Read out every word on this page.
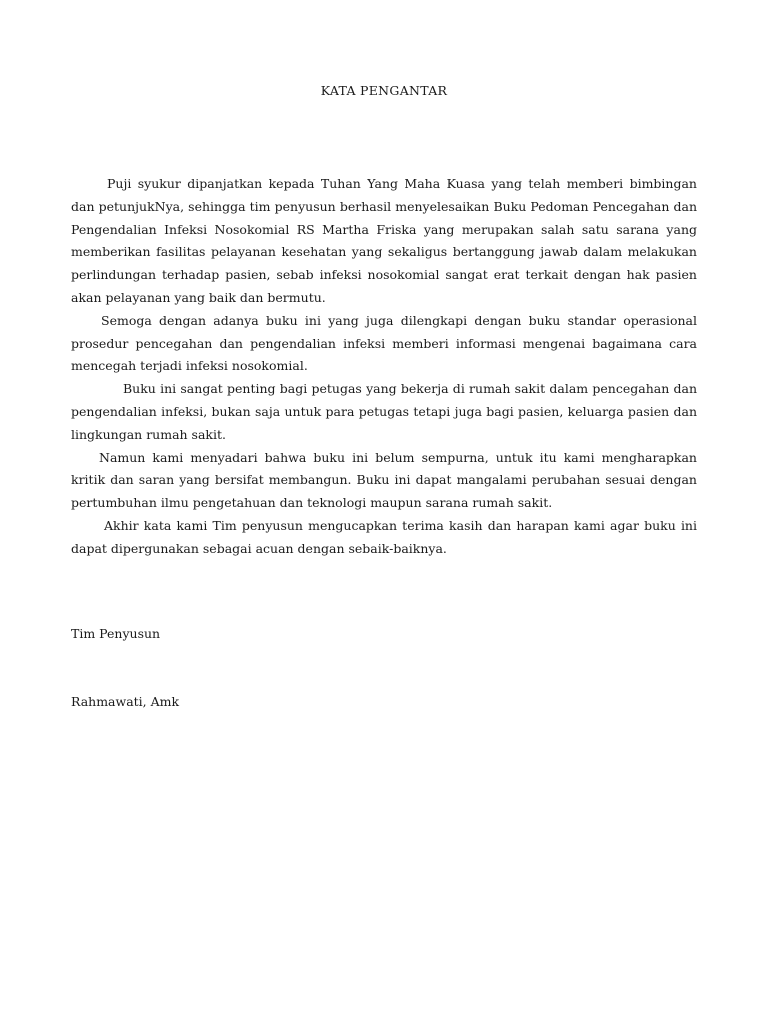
KATA PENGANTAR

Puji syukur dipanjatkan kepada Tuhan Yang Maha Kuasa yang telah memberi bimbingan dan petunjukNya, sehingga tim penyusun berhasil menyelesaikan Buku Pedoman Pencegahan dan Pengendalian Infeksi Nosokomial RS Martha Friska yang merupakan salah satu sarana yang memberikan fasilitas pelayanan kesehatan yang sekaligus bertanggung jawab dalam melakukan perlindungan terhadap pasien, sebab infeksi nosokomial sangat erat terkait dengan hak pasien akan pelayanan yang baik dan bermutu.

Semoga dengan adanya buku ini yang juga dilengkapi dengan buku standar operasional prosedur pencegahan dan pengendalian infeksi memberi informasi mengenai bagaimana cara mencegah terjadi infeksi nosokomial.

Buku ini sangat penting bagi petugas yang bekerja di rumah sakit dalam pencegahan dan pengendalian infeksi, bukan saja untuk para petugas tetapi juga bagi pasien, keluarga pasien dan lingkungan rumah sakit.

Namun kami menyadari bahwa buku ini belum sempurna, untuk itu kami mengharapkan kritik dan saran yang bersifat membangun. Buku ini dapat mangalami perubahan sesuai dengan pertumbuhan ilmu pengetahuan dan teknologi maupun sarana rumah sakit.

Akhir kata kami Tim penyusun mengucapkan terima kasih dan harapan kami agar buku ini dapat dipergunakan sebagai acuan dengan sebaik-baiknya.

Tim Penyusun

Rahmawati, Amk
